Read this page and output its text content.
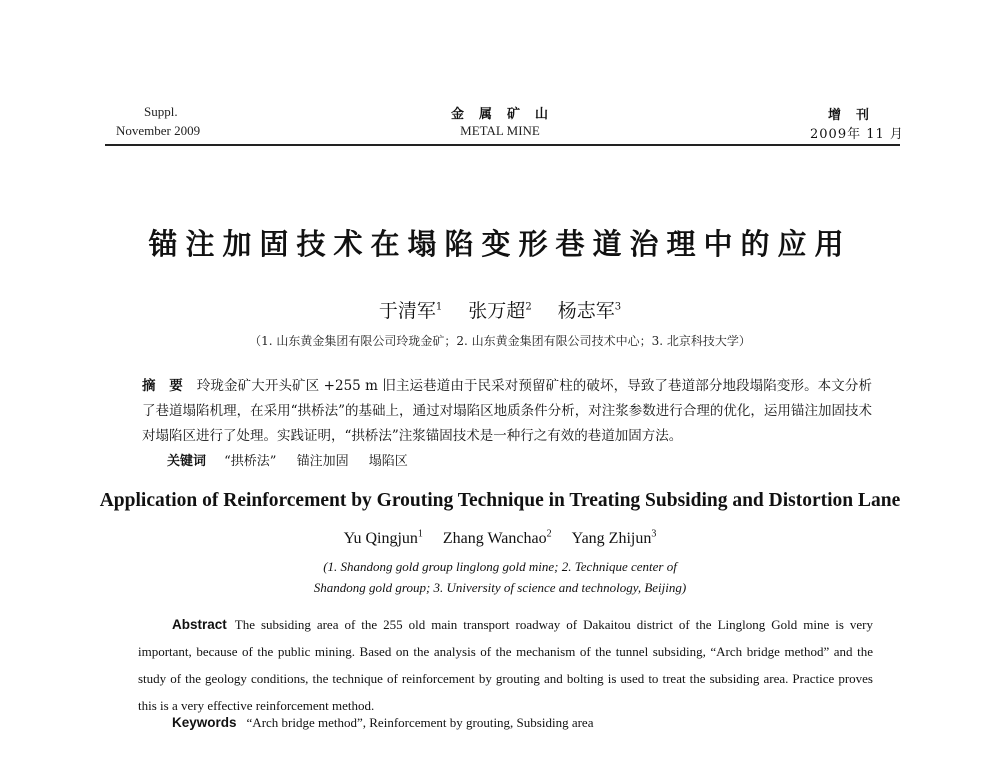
Suppl.
November 2009
金　属　矿　山
METAL MINE
增　刊
2009年 11 月
锚注加固技术在塌陷变形巷道治理中的应用
于清军$^1$ 张万超$^2$ 杨志军$^3$
（1. 山东黄金集团有限公司玲珑金矿；2. 山东黄金集团有限公司技术中心；3. 北京科技大学）
摘　要 玲珑金矿大开头矿区 +255 m 旧主运巷道由于民采对预留矿柱的破坏，导致了巷道部分地段塌陷变形。本文分析了巷道塌陷机理，在采用“拱桥法”的基础上，通过对塌陷区地质条件分析，对注浆参数进行合理的优化，运用锚注加固技术对塌陷区进行了处理。实践证明，“拱桥法”注浆锚固技术是一种行之有效的巷道加固方法。
关键词 “拱桥法” 锚注加固 塌陷区
Application of Reinforcement by Grouting Technique in Treating Subsiding and Distortion Lane
Yu Qingjun$^1$ Zhang Wanchao$^2$ Yang Zhijun$^3$
(1. Shandong gold group linglong gold mine; 2. Technique center of
Shandong gold group; 3. University of science and technology, Beijing)
Abstract The subsiding area of the 255 old main transport roadway of Dakaitou district of the Linglong Gold mine is very important, because of the public mining. Based on the analysis of the mechanism of the tunnel subsiding, “Arch bridge method” and the study of the geology conditions, the technique of reinforcement by grouting and bolting is used to treat the subsiding area. Practice proves this is a very effective reinforcement method.
Keywords “Arch bridge method”, Reinforcement by grouting, Subsiding area
